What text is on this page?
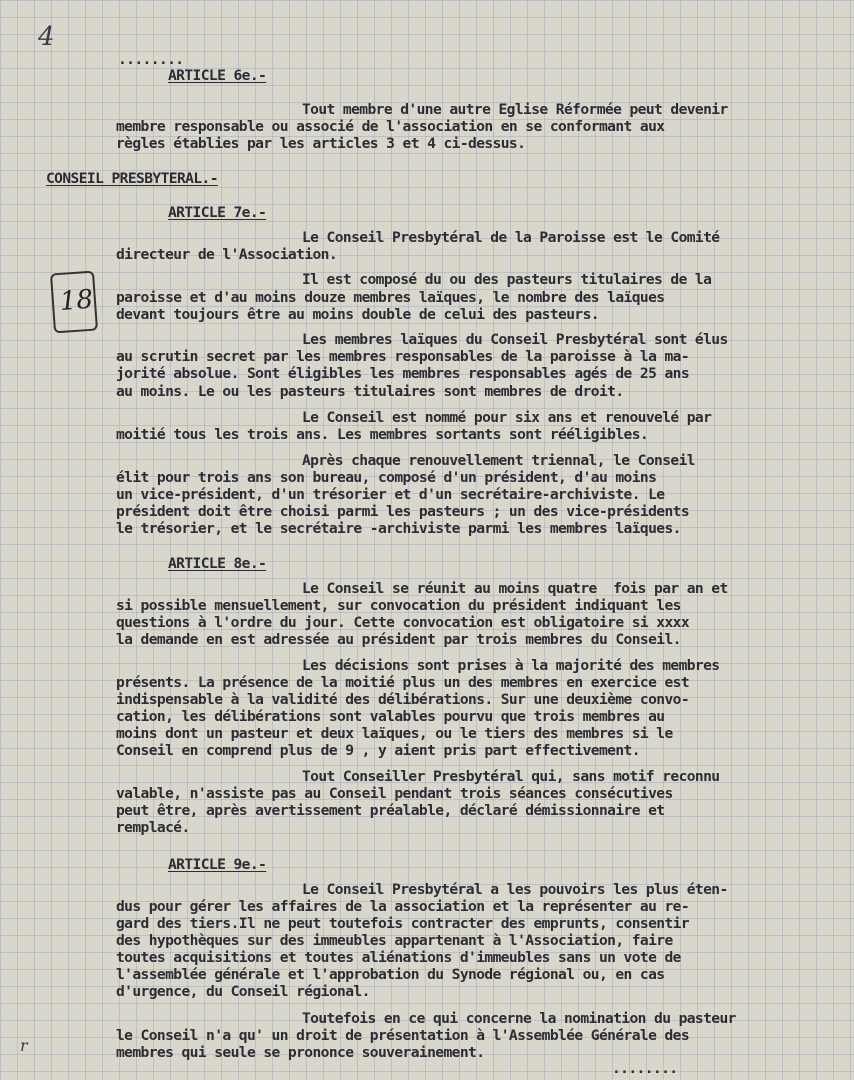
4
18
r
........
ARTICLE 6e.-
Tout membre d'une autre Eglise Réformée peut devenir
membre responsable ou associé de l'association en se conformant aux
règles établies par les articles 3 et 4 ci-dessus.
CONSEIL PRESBYTERAL.-
ARTICLE 7e.-
Le Conseil Presbytéral de la Paroisse est le Comité
directeur de l'Association.
Il est composé du ou des pasteurs titulaires de la
paroisse et d'au moins douze membres laïques, le nombre des laïques
devant toujours être au moins double de celui des pasteurs.
Les membres laïques du Conseil Presbytéral sont élus
au scrutin secret par les membres responsables de la paroisse à la ma-
jorité absolue. Sont éligibles les membres responsables agés de 25 ans
au moins. Le ou les pasteurs titulaires sont membres de droit.
Le Conseil est nommé pour six ans et renouvelé par
moitié tous les trois ans. Les membres sortants sont rééligibles.
Après chaque renouvellement triennal, le Conseil
élit pour trois ans son bureau, composé d'un président, d'au moins
un vice-président, d'un trésorier et d'un secrétaire-archiviste. Le
président doit être choisi parmi les pasteurs ; un des vice-présidents
le trésorier, et le secrétaire -archiviste parmi les membres laïques.
ARTICLE 8e.-
Le Conseil se réunit au moins quatre  fois par an et
si possible mensuellement, sur convocation du président indiquant les
questions à l'ordre du jour. Cette convocation est obligatoire si xxxx
la demande en est adressée au président par trois membres du Conseil.
Les décisions sont prises à la majorité des membres
présents. La présence de la moitié plus un des membres en exercice est
indispensable à la validité des délibérations. Sur une deuxième convo-
cation, les délibérations sont valables pourvu que trois membres au
moins dont un pasteur et deux laïques, ou le tiers des membres si le
Conseil en comprend plus de 9 , y aient pris part effectivement.
Tout Conseiller Presbytéral qui, sans motif reconnu
valable, n'assiste pas au Conseil pendant trois séances consécutives
peut être, après avertissement préalable, déclaré démissionnaire et
remplacé.
ARTICLE 9e.-
Le Conseil Presbytéral a les pouvoirs les plus éten-
dus pour gérer les affaires de la association et la représenter au re-
gard des tiers.Il ne peut toutefois contracter des emprunts, consentir
des hypothèques sur des immeubles appartenant à l'Association, faire
toutes acquisitions et toutes aliénations d'immeubles sans un vote de
l'assemblée générale et l'approbation du Synode régional ou, en cas
d'urgence, du Conseil régional.
Toutefois en ce qui concerne la nomination du pasteur
le Conseil n'a qu' un droit de présentation à l'Assemblée Générale des
membres qui seule se prononce souverainement.
........
